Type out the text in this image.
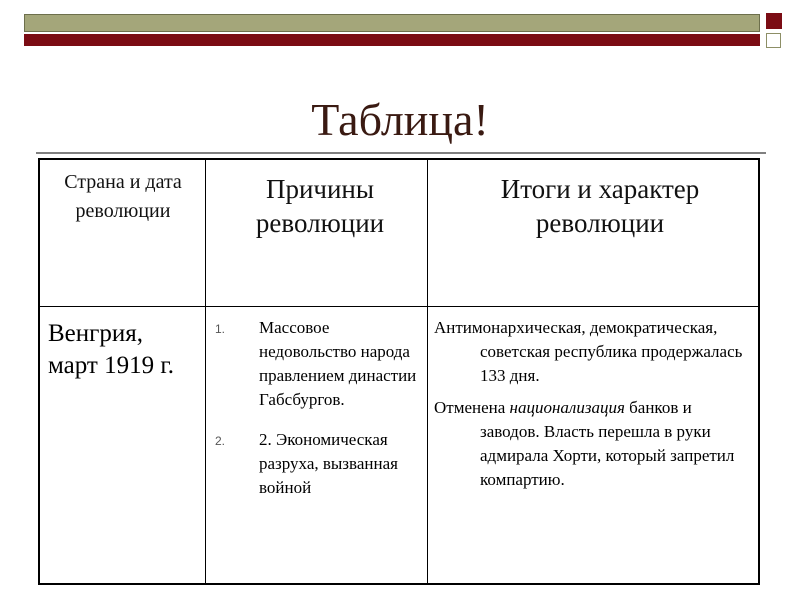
Таблица!
Страна и дата революции
Причины революции
Итоги и характер революции
Венгрия, март 1919 г.
1. Массовое недовольство народа правлением династии Габсбургов.
2. 2. Экономическая разруха, вызванная войной

Антимонархическая, демократическая, советская республика продержалась 133 дня.

Отменена национализация банков и заводов. Власть перешла в руки адмирала Хорти, который запретил компартию.
